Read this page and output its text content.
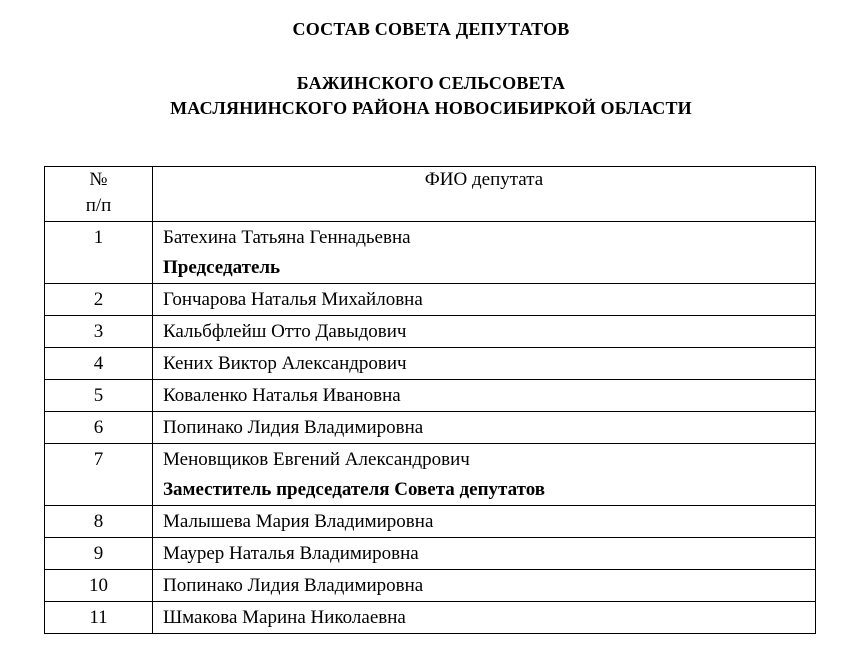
СОСТАВ СОВЕТА ДЕПУТАТОВ
БАЖИНСКОГО СЕЛЬСОВЕТА
МАСЛЯНИНСКОГО РАЙОНА НОВОСИБИРКОЙ ОБЛАСТИ
№
п/п	ФИО депутата
1	Батехина Татьяна Геннадьевна
Председатель

2	Гончарова Наталья Михайловна
3	Кальбфлейш Отто Давыдович
4	Кених Виктор Александрович
5	Коваленко Наталья Ивановна
6	Попинако Лидия Владимировна
7	Меновщиков Евгений Александрович
Заместитель председателя Совета депутатов

8	Малышева Мария Владимировна
9	Маурер Наталья Владимировна
10	Попинако Лидия Владимировна
11	Шмакова Марина Николаевна
